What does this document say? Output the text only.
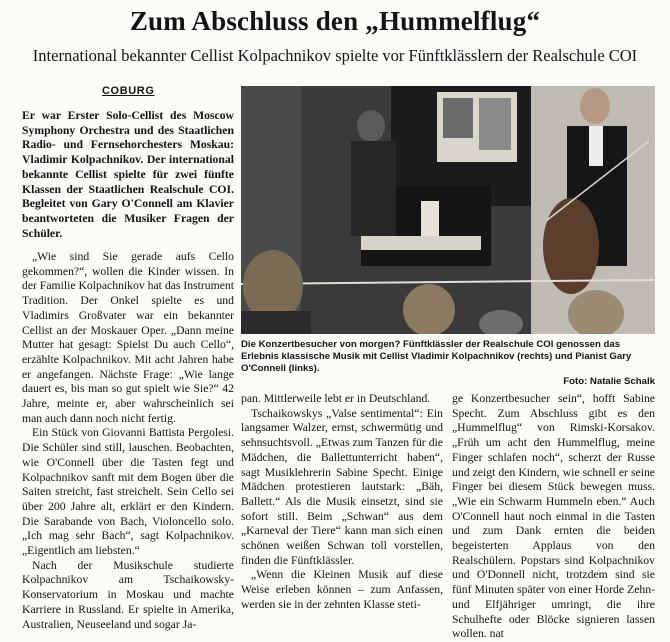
Zum Abschluss den „Hummelflug“
International bekannter Cellist Kolpachnikov spielte vor Fünftklässlern der Realschule COI
COBURG
Er war Erster Solo-Cellist des Moscow Symphony Orchestra und des Staatlichen Radio- und Fernsehorchesters Moskau: Vladimir Kolpachnikov. Der international bekannte Cellist spielte für zwei fünfte Klassen der Staatlichen Realschule COI. Begleitet von Gary O'Connell am Klavier beantworteten die Musiker Fragen der Schüler.

„Wie sind Sie gerade aufs Cello gekommen?“, wollen die Kinder wissen. In der Familie Kolpachnikov hat das Instrument Tradition. Der Onkel spielte es und Vladimirs Großvater war ein bekannter Cellist an der Moskauer Oper. „Dann meine Mutter hat gesagt: Spielst Du auch Cello“, erzählte Kolpachnikov. Mit acht Jahren habe er angefangen. Nächste Frage: „Wie lange dauert es, bis man so gut spielt wie Sie?“ 42 Jahre, meinte er, aber wahrscheinlich sei man auch dann noch nicht fertig.

Ein Stück von Giovanni Battista Pergolesi. Die Schüler sind still, lauschen. Beobachten, wie O'Connell über die Tasten fegt und Kolpachnikov sanft mit dem Bogen über die Saiten streicht, fast streichelt. Sein Cello sei über 200 Jahre alt, erklärt er den Kindern. Die Sarabande von Bach, Violoncello solo. „Ich mag sehr Bach“, sagt Kolpachnikov. „Eigentlich am liebsten.“

Nach der Musikschule studierte Kolpachnikov am Tschaikowsky-Konservatorium in Moskau und machte Karriere in Russland. Er spielte in Amerika, Australien, Neuseeland und sogar Ja-

Die Konzertbesucher von morgen? Fünftklässler der Realschule COI genossen das Erlebnis klassische Musik mit Cellist Vladimir Kolpachnikov (rechts) und Pianist Gary O'Connell (links).
Foto: Natalie Schalk

pan. Mittlerweile lebt er in Deutschland.

Tschaikowskys „Valse sentimental“: Ein langsamer Walzer, ernst, schwermütig und sehnsuchtsvoll. „Etwas zum Tanzen für die Mädchen, die Ballettunterricht haben“, sagt Musiklehrerin Sabine Specht. Einige Mädchen protestieren lautstark: „Bäh, Ballett.“ Als die Musik einsetzt, sind sie sofort still. Beim „Schwan“ aus dem „Karneval der Tiere“ kann man sich einen schönen weißen Schwan toll vorstellen, finden die Fünftklässler.

„Wenn die Kleinen Musik auf diese Weise erleben können – zum Anfassen, werden sie in der zehnten Klasse steti-

ge Konzertbesucher sein“, hofft Sabine Specht. Zum Abschluss gibt es den „Hummelflug“ von Rimski-Korsakov. „Früh um acht den Hummelflug, meine Finger schlafen noch“, scherzt der Russe und zeigt den Kindern, wie schnell er seine Finger bei diesem Stück bewegen muss. „Wie ein Schwarm Hummeln eben.“ Auch O'Connell haut noch einmal in die Tasten und zum Dank ernten die beiden begeisterten Applaus von den Realschülern. Popstars sind Kolpachnikov und O'Donnell nicht, trotzdem sind sie fünf Minuten später von einer Horde Zehn- und Elfjähriger umringt, die ihre Schulhefte oder Blöcke signieren lassen wollen. nat
